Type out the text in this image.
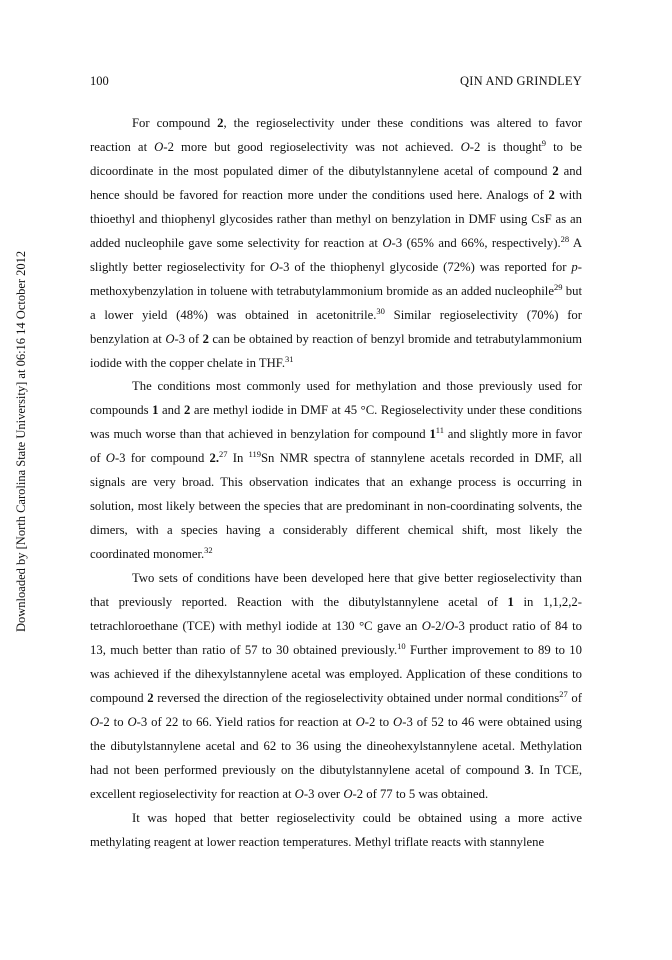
100	QIN AND GRINDLEY
Downloaded by [North Carolina State University] at 06:16 14 October 2012

For compound 2, the regioselectivity under these conditions was altered to favor reaction at O-2 more but good regioselectivity was not achieved. O-2 is thought$^9$ to be dicoordinate in the most populated dimer of the dibutylstannylene acetal of compound 2 and hence should be favored for reaction more under the conditions used here. Analogs of 2 with thioethyl and thiophenyl glycosides rather than methyl on benzylation in DMF using CsF as an added nucleophile gave some selectivity for reaction at O-3 (65% and 66%, respectively).$^{28}$ A slightly better regioselectivity for O-3 of the thiophenyl glycoside (72%) was reported for p-methoxybenzylation in toluene with tetrabutylammonium bromide as an added nucleophile$^{29}$ but a lower yield (48%) was obtained in acetonitrile.$^{30}$ Similar regioselectivity (70%) for benzylation at O-3 of 2 can be obtained by reaction of benzyl bromide and tetrabutylammonium iodide with the copper chelate in THF.$^{31}$

The conditions most commonly used for methylation and those previously used for compounds 1 and 2 are methyl iodide in DMF at 45 °C. Regioselectivity under these conditions was much worse than that achieved in benzylation for compound $1^{11}$ and slightly more in favor of O-3 for compound 2.27 In $^{119}$Sn NMR spectra of stannylene acetals recorded in DMF, all signals are very broad. This observation indicates that an exhange process is occurring in solution, most likely between the species that are predominant in non-coordinating solvents, the dimers, with a species having a considerably different chemical shift, most likely the coordinated monomer.$^{32}$

Two sets of conditions have been developed here that give better regioselectivity than that previously reported. Reaction with the dibutylstannylene acetal of 1 in 1,1,2,2-tetrachloroethane (TCE) with methyl iodide at 130 °C gave an O-2/O-3 product ratio of 84 to 13, much better than ratio of 57 to 30 obtained previously.$^{10}$ Further improvement to 89 to 10 was achieved if the dihexylstannylene acetal was employed. Application of these conditions to compound 2 reversed the direction of the regioselectivity obtained under normal conditions$^{27}$ of O-2 to O-3 of 22 to 66. Yield ratios for reaction at O-2 to O-3 of 52 to 46 were obtained using the dibutylstannylene acetal and 62 to 36 using the dineohexylstannylene acetal. Methylation had not been performed previously on the dibutylstannylene acetal of compound 3. In TCE, excellent regioselectivity for reaction at O-3 over O-2 of 77 to 5 was obtained.

It was hoped that better regioselectivity could be obtained using a more active methylating reagent at lower reaction temperatures. Methyl triflate reacts with stannylene
